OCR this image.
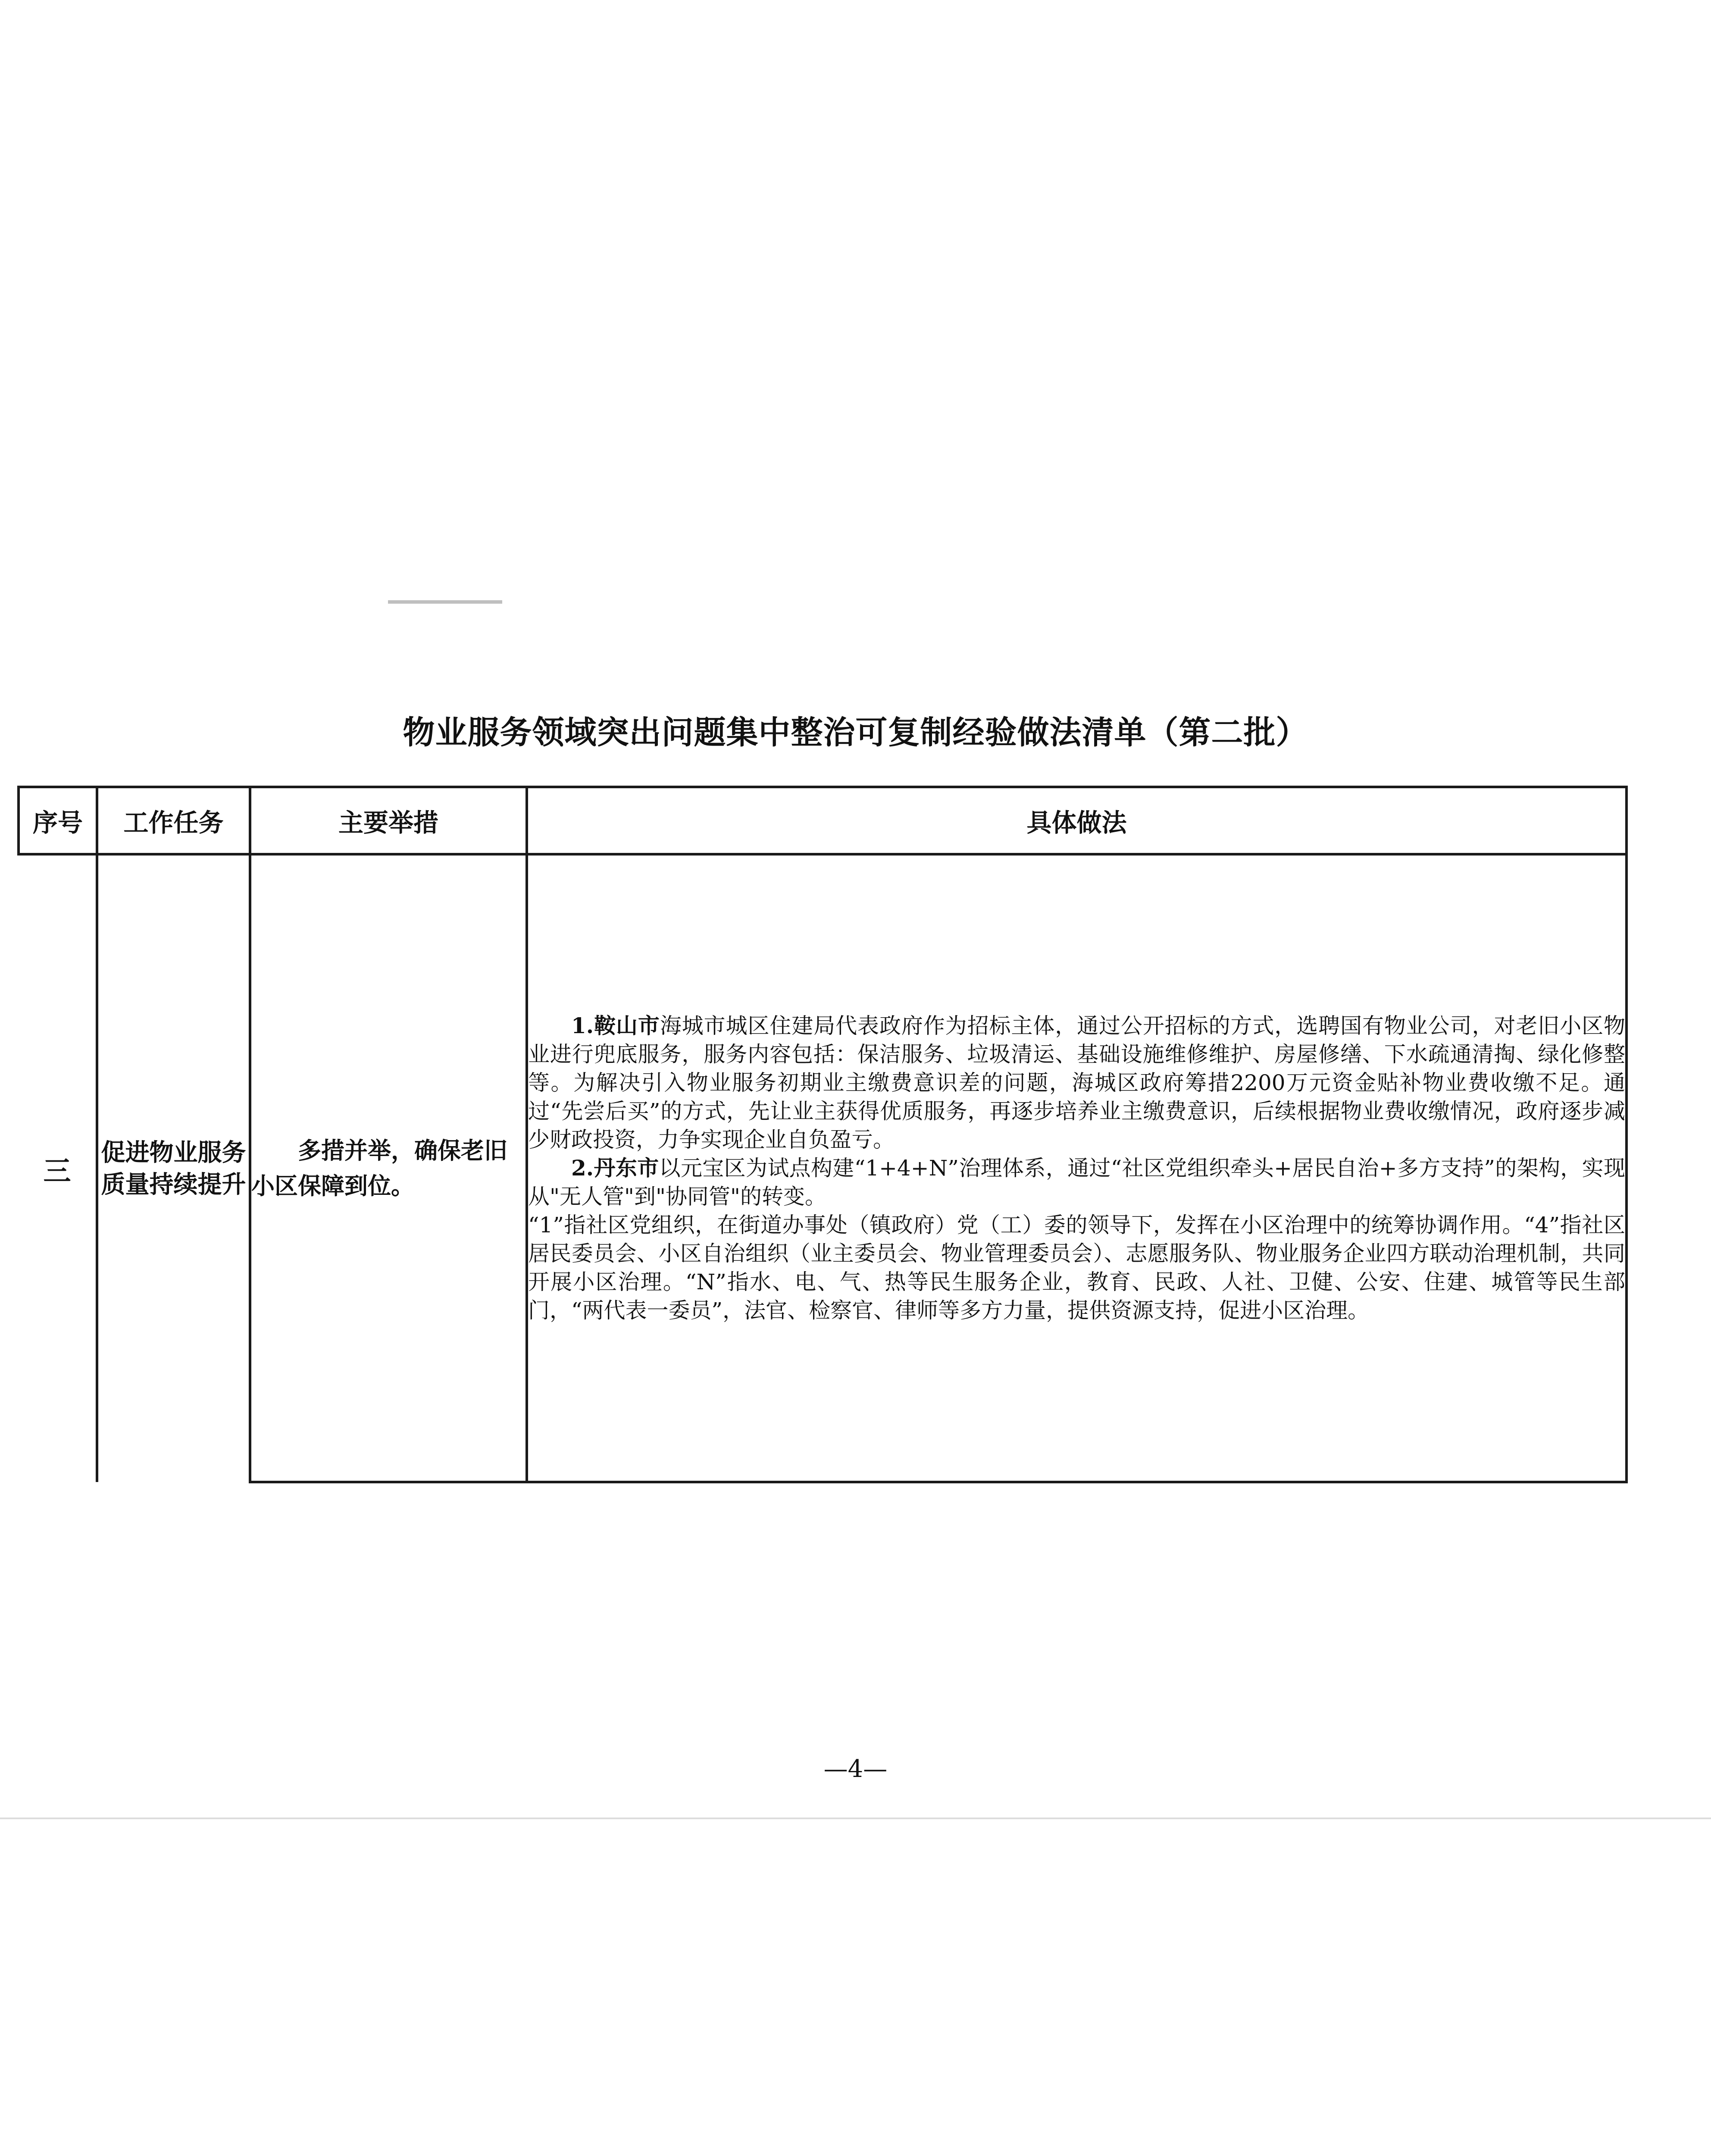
物业服务领域突出问题集中整治可复制经验做法清单（第二批）
序号	工作任务	主要举措	具体做法
三	促进物业服务质量持续提升	多措并举，确保老旧小区保障到位。	1.鞍山市海城市城区住建局代表政府作为招标主体，通过公开招标的方式，选聘国有物业公司，对老旧小区物业进行兜底服务，服务内容包括：保洁服务、垃圾清运、基础设施维修维护、房屋修缮、下水疏通清掏、绿化修整等。为解决引入物业服务初期业主缴费意识差的问题，海城区政府筹措2200万元资金贴补物业费收缴不足。通过“先尝后买”的方式，先让业主获得优质服务，再逐步培养业主缴费意识，后续根据物业费收缴情况，政府逐步减少财政投资，力争实现企业自负盈亏。

2.丹东市以元宝区为试点构建“1+4+N”治理体系，通过“社区党组织牵头+居民自治+多方支持”的架构，实现从"无人管"到"协同管"的转变。

“1”指社区党组织，在街道办事处（镇政府）党（工）委的领导下，发挥在小区治理中的统筹协调作用。“4”指社区居民委员会、小区自治组织（业主委员会、物业管理委员会）、志愿服务队、物业服务企业四方联动治理机制，共同开展小区治理。“N”指水、电、气、热等民生服务企业，教育、民政、人社、卫健、公安、住建、城管等民生部门，“两代表一委员”，法官、检察官、律师等多方力量，提供资源支持，促进小区治理。

—4—
